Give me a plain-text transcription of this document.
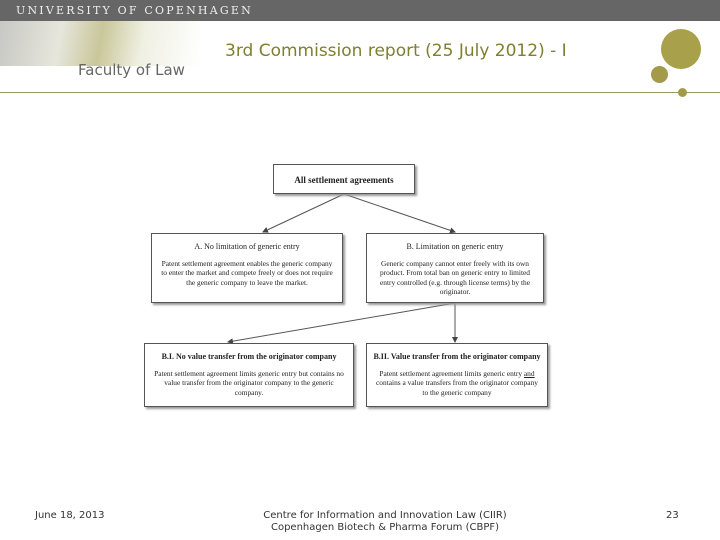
UNIVERSITY OF COPENHAGEN
Faculty of Law
3rd Commission report (25 July 2012) - I
All settlement agreements
A. No limitation of generic entry

Patent settlement agreement enables the generic company to enter the market and compete freely or does not require the generic company to leave the market.

B. Limitation on generic entry

Generic company cannot enter freely with its own product. From total ban on generic entry to limited entry controlled (e.g. through license terms) by the originator.

B.I. No value transfer from the originator company

Patent settlement agreement limits generic entry but contains no value transfer from the originator company to the generic company.

B.II. Value transfer from the originator company

Patent settlement agreement limits generic entry and contains a value transfers from the originator company to the generic company

June 18, 2013	Centre for Information and Innovation Law (CIIR)
Copenhagen Biotech & Pharma Forum (CBPF)
23
